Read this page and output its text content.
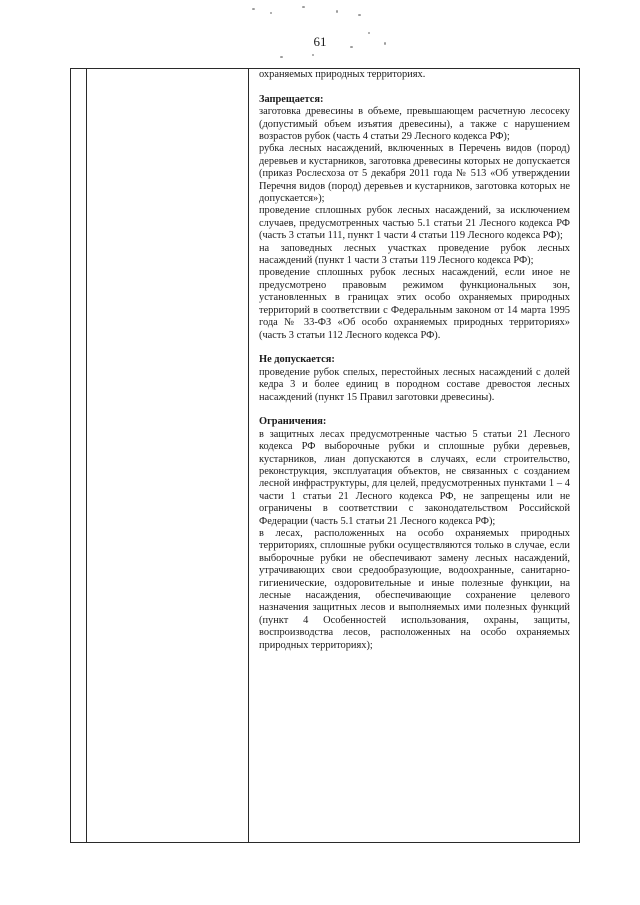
61

охраняемых природных территориях.

Запрещается:

заготовка древесины в объеме, превышающем расчетную лесосеку (допустимый объем изъятия древесины), а также с нарушением возрастов рубок (часть 4 статьи 29 Лесного кодекса РФ);

рубка лесных насаждений, включенных в Перечень видов (пород) деревьев и кустарников, заготовка древесины которых не допускается (приказ Рослесхоза от 5 декабря 2011 года № 513 «Об утверждении Перечня видов (пород) деревьев и кустарников, заготовка которых не допускается»);

проведение сплошных рубок лесных насаждений, за исключением случаев, предусмотренных частью 5.1 статьи 21 Лесного кодекса РФ (часть 3 статьи 111, пункт 1 части 4 статьи 119 Лесного кодекса РФ);

на заповедных лесных участках проведение рубок лесных насаждений (пункт 1 части 3 статьи 119 Лесного кодекса РФ);

проведение сплошных рубок лесных насаждений, если иное не предусмотрено правовым режимом функциональных зон, установленных в границах этих особо охраняемых природных территорий в соответствии с Федеральным законом от 14 марта 1995 года № 33-ФЗ «Об особо охраняемых природных территориях» (часть 3 статьи 112 Лесного кодекса РФ).

Не допускается:

проведение рубок спелых, перестойных лесных насаждений с долей кедра 3 и более единиц в породном составе древостоя лесных насаждений (пункт 15 Правил заготовки древесины).

Ограничения:

в защитных лесах предусмотренные частью 5 статьи 21 Лесного кодекса РФ выборочные рубки и сплошные рубки деревьев, кустарников, лиан допускаются в случаях, если строительство, реконструкция, эксплуатация объектов, не связанных с созданием лесной инфраструктуры, для целей, предусмотренных пунктами 1 – 4 части 1 статьи 21 Лесного кодекса РФ, не запрещены или не ограничены в соответствии с законодательством Российской Федерации (часть 5.1 статьи 21 Лесного кодекса РФ);

в лесах, расположенных на особо охраняемых природных территориях, сплошные рубки осуществляются только в случае, если выборочные рубки не обеспечивают замену лесных насаждений, утрачивающих свои средообразующие, водоохранные, санитарно-гигиенические, оздоровительные и иные полезные функции, на лесные насаждения, обеспечивающие сохранение целевого назначения защитных лесов и выполняемых ими полезных функций (пункт 4 Особенностей использования, охраны, защиты, воспроизводства лесов, расположенных на особо охраняемых природных территориях);
